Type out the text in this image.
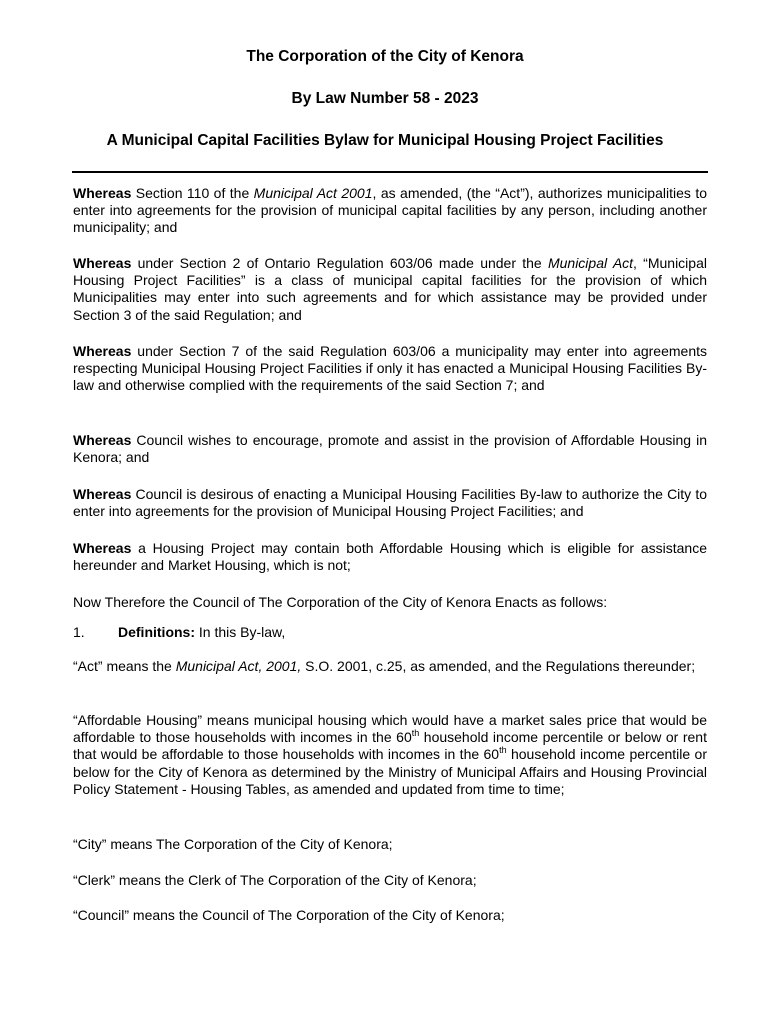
The Corporation of the City of Kenora
By Law Number 58 - 2023
A Municipal Capital Facilities Bylaw for Municipal Housing Project Facilities
Whereas Section 110 of the Municipal Act 2001, as amended, (the “Act”), authorizes municipalities to enter into agreements for the provision of municipal capital facilities by any person, including another municipality; and
Whereas under Section 2 of Ontario Regulation 603/06 made under the Municipal Act, “Municipal Housing Project Facilities” is a class of municipal capital facilities for the provision of which Municipalities may enter into such agreements and for which assistance may be provided under Section 3 of the said Regulation; and
Whereas under Section 7 of the said Regulation 603/06 a municipality may enter into agreements respecting Municipal Housing Project Facilities if only it has enacted a Municipal Housing Facilities By-law and otherwise complied with the requirements of the said Section 7; and
Whereas Council wishes to encourage, promote and assist in the provision of Affordable Housing in Kenora; and
Whereas Council is desirous of enacting a Municipal Housing Facilities By-law to authorize the City to enter into agreements for the provision of Municipal Housing Project Facilities; and
Whereas a Housing Project may contain both Affordable Housing which is eligible for assistance hereunder and Market Housing, which is not;
Now Therefore the Council of The Corporation of the City of Kenora Enacts as follows:
1. Definitions: In this By-law,
“Act” means the Municipal Act, 2001, S.O. 2001, c.25, as amended, and the Regulations thereunder;
“Affordable Housing” means municipal housing which would have a market sales price that would be affordable to those households with incomes in the 60th household income percentile or below or rent that would be affordable to those households with incomes in the 60th household income percentile or below for the City of Kenora as determined by the Ministry of Municipal Affairs and Housing Provincial Policy Statement - Housing Tables, as amended and updated from time to time;
“City” means The Corporation of the City of Kenora;
“Clerk” means the Clerk of The Corporation of the City of Kenora;
“Council” means the Council of The Corporation of the City of Kenora;
